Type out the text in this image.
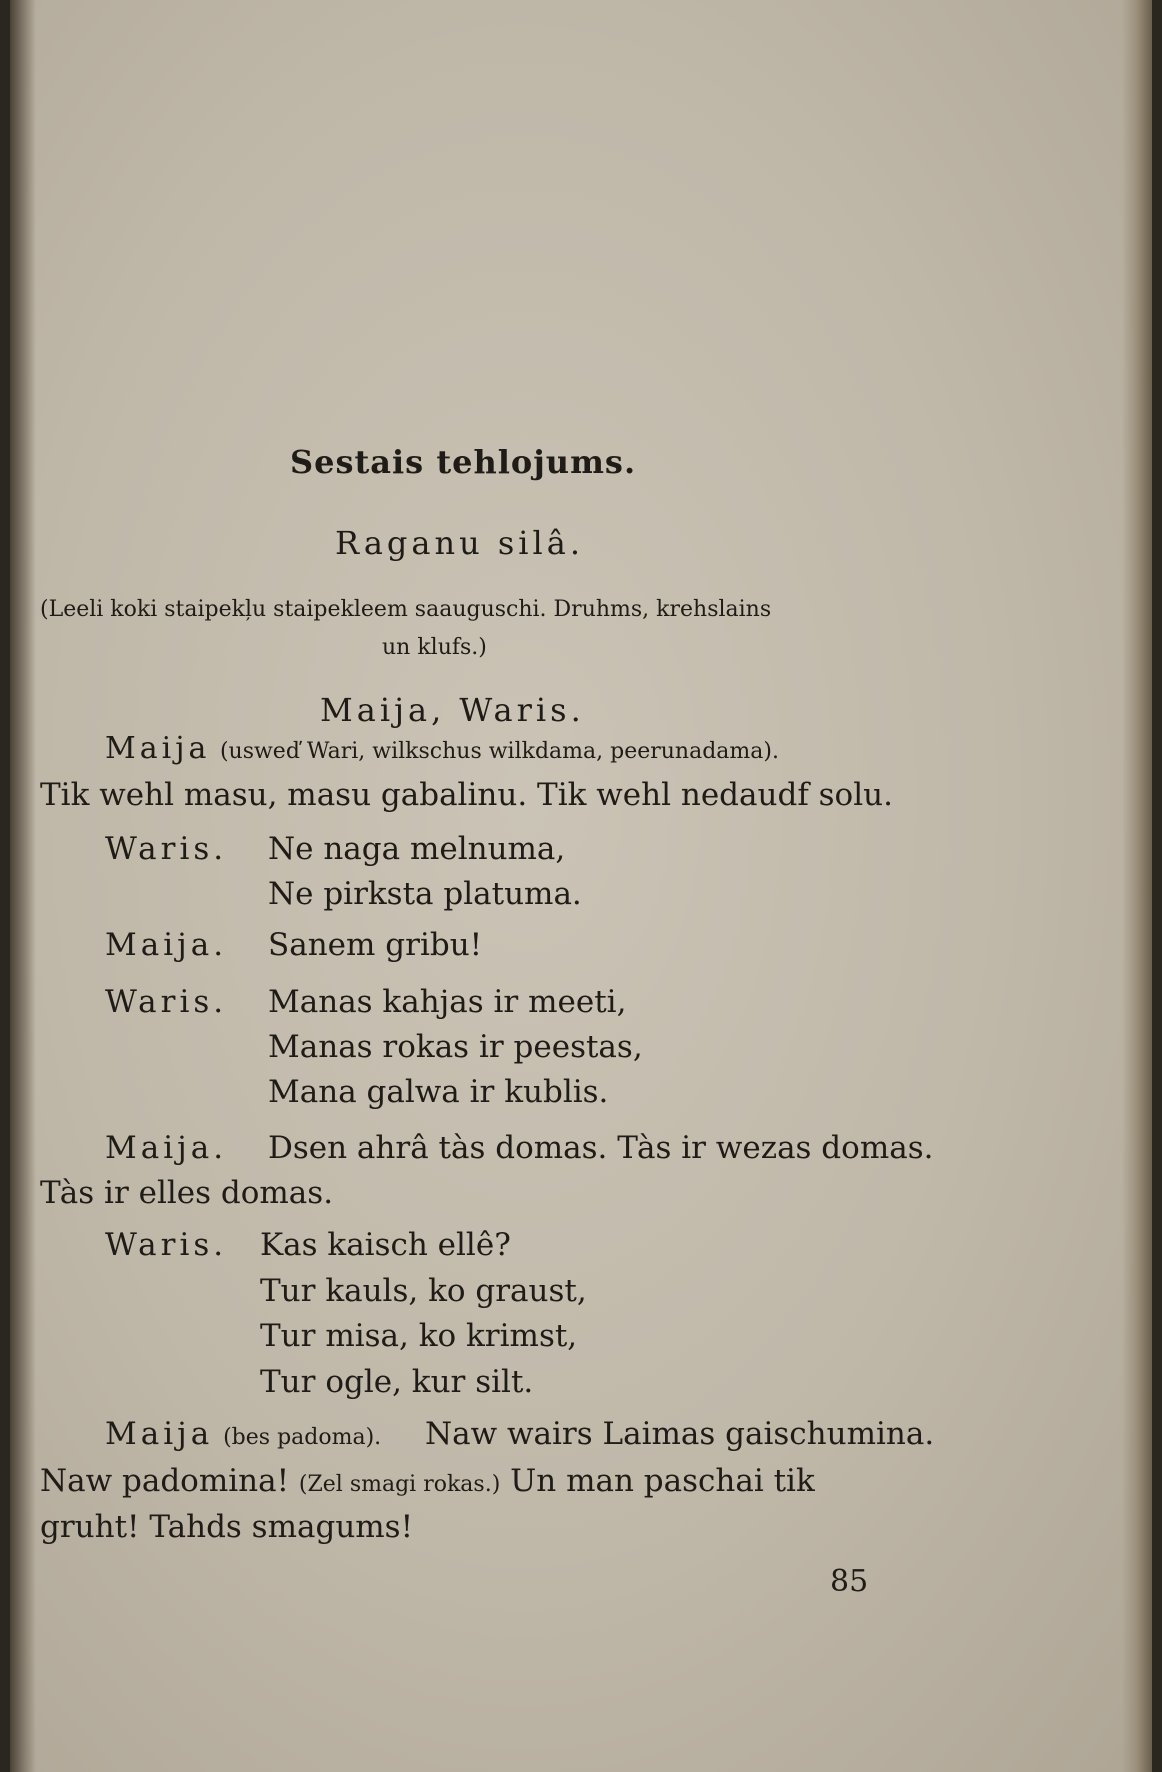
Sestais tehlojums.
Raganu silâ.
(Leeli koki staipekļu staipekleem saauguschi. Druhms, krehslains
un klufs.)
Maija, Waris.
Maija (usweď Wari, wilkschus wilkdama, peerunadama).
Tik wehl masu, masu gabalinu. Tik wehl nedaudf solu.
Waris. Ne naga melnuma,
Ne pirksta platuma.
Maija. Sanem gribu!
Waris. Manas kahjas ir meeti,
Manas rokas ir peestas,
Mana galwa ir kublis.
Maija. Dsen ahrâ tàs domas. Tàs ir wezas domas.
Tàs ir elles domas.
Waris. Kas kaisch ellê?
Tur kauls, ko graust,
Tur misa, ko krimst,
Tur ogle, kur silt.
Maija (bes padoma). Naw wairs Laimas gaischumina.
Naw padomina! (Zel smagi rokas.) Un man paschai tik
gruht! Tahds smagums!
85
